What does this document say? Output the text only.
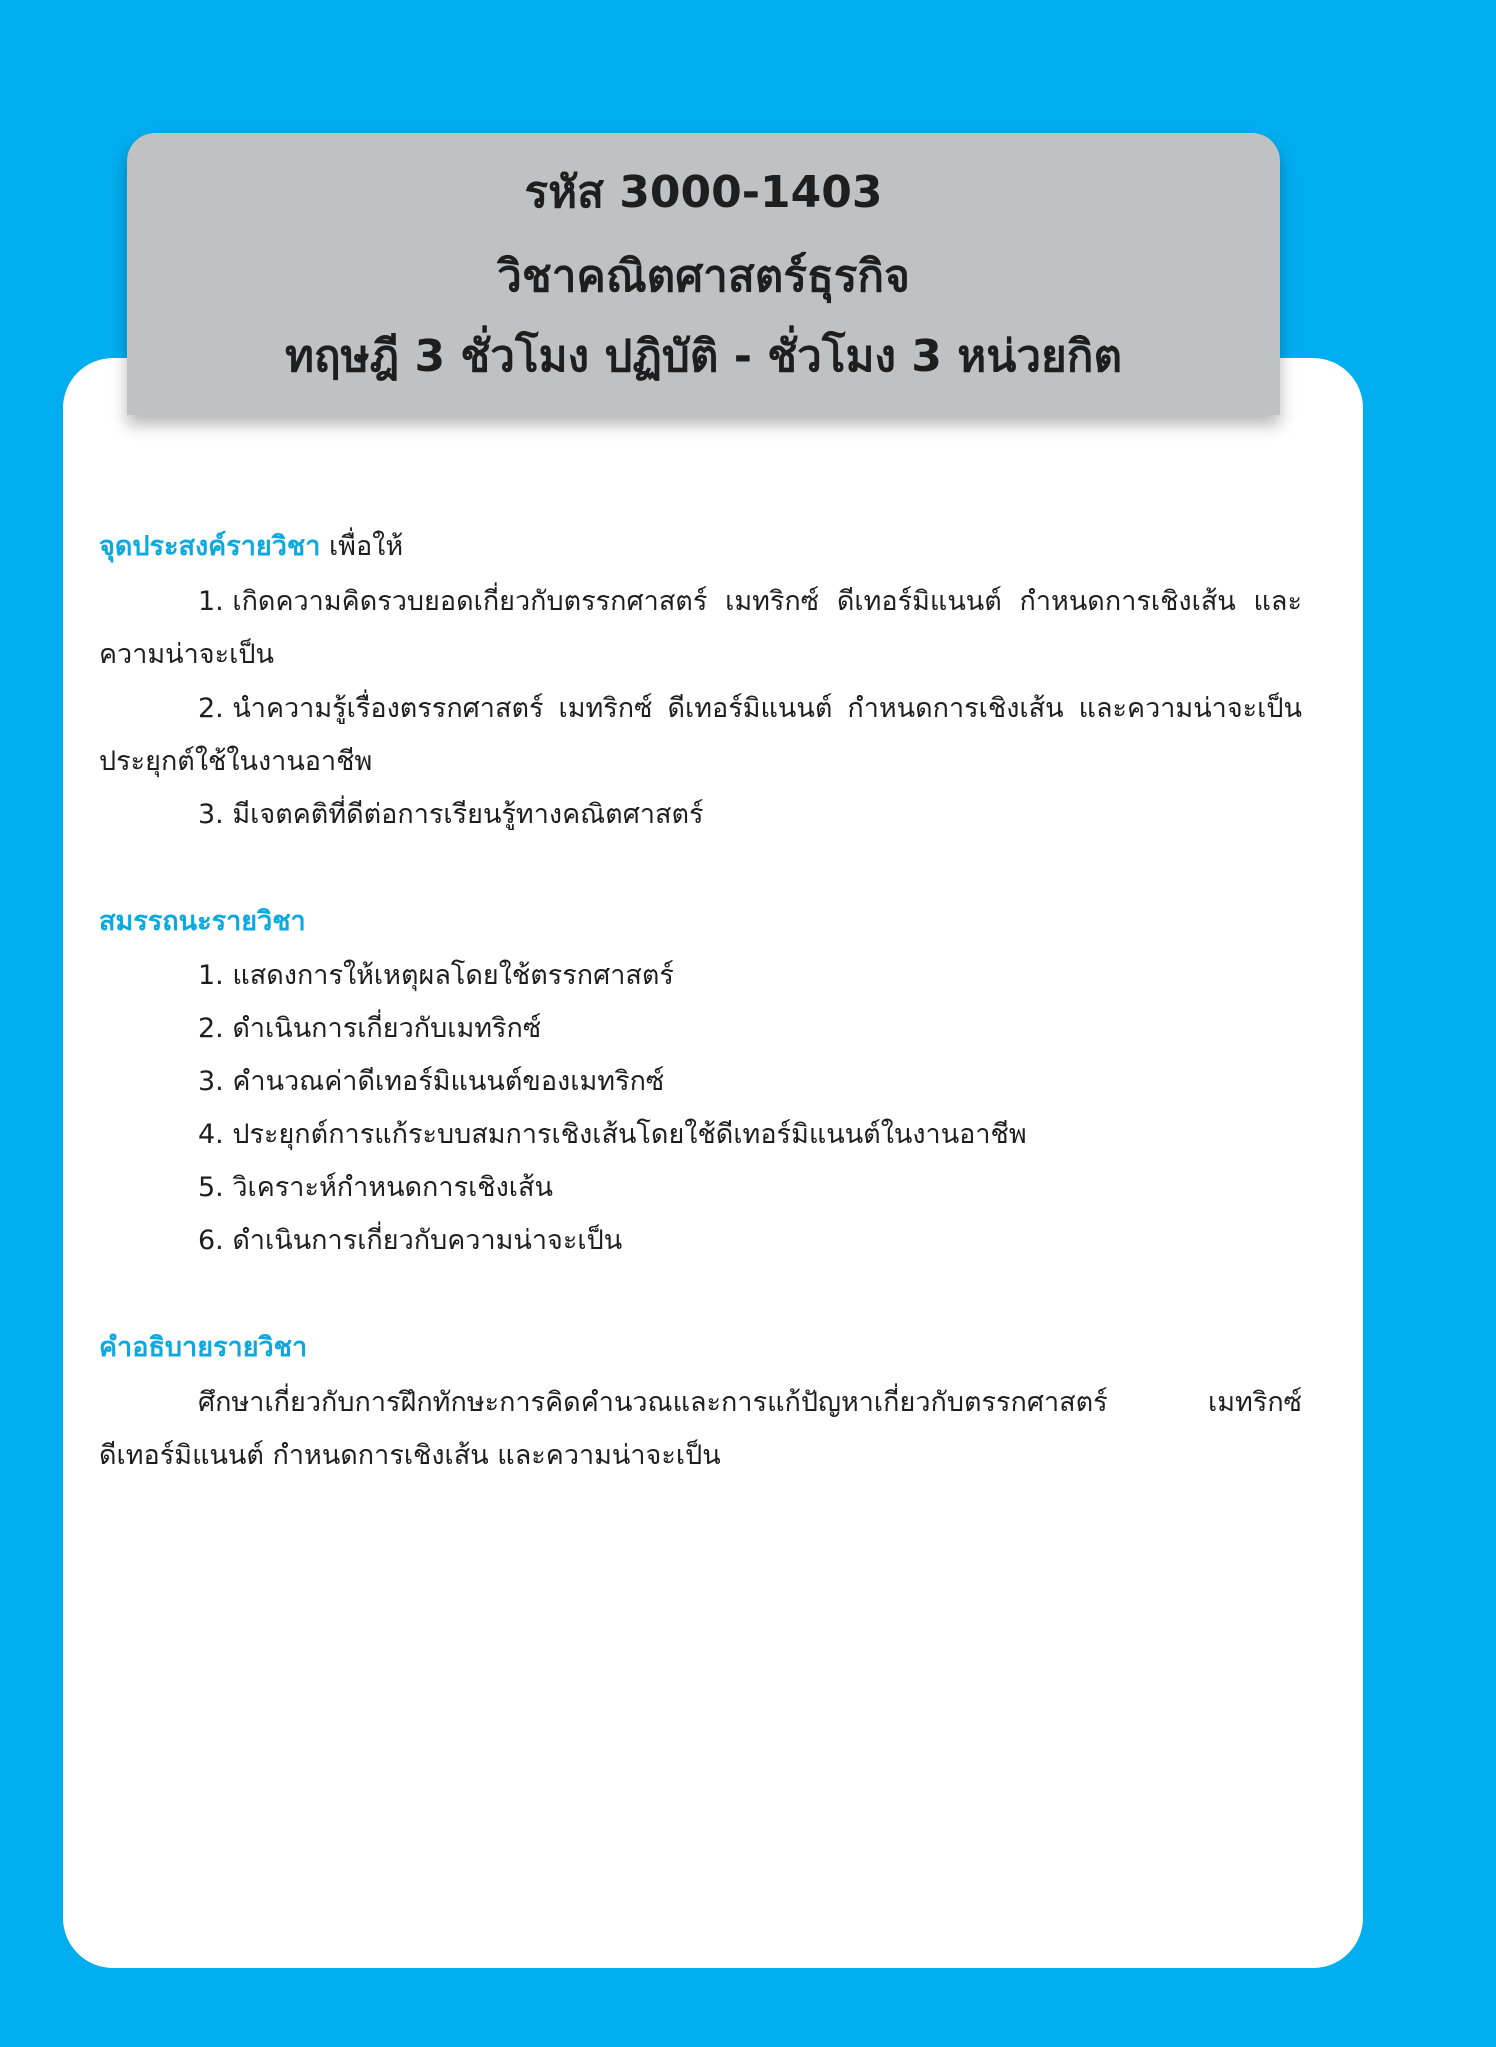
รหัส 3000-1403
วิชาคณิตศาสตร์ธุรกิจ
ทฤษฎี 3 ชั่วโมง ปฏิบัติ - ชั่วโมง 3 หน่วยกิต
จุดประสงค์รายวิชา เพื่อให้
1. เกิดความคิดรวบยอดเกี่ยวกับตรรกศาสตร์ เมทริกซ์ ดีเทอร์มิแนนต์ กำหนดการเชิงเส้น และ
ความน่าจะเป็น
2. นำความรู้เรื่องตรรกศาสตร์ เมทริกซ์ ดีเทอร์มิแนนต์ กำหนดการเชิงเส้น และความน่าจะเป็น
ประยุกต์ใช้ในงานอาชีพ
3. มีเจตคติที่ดีต่อการเรียนรู้ทางคณิตศาสตร์
สมรรถนะรายวิชา
1. แสดงการให้เหตุผลโดยใช้ตรรกศาสตร์
2. ดำเนินการเกี่ยวกับเมทริกซ์
3. คำนวณค่าดีเทอร์มิแนนต์ของเมทริกซ์
4. ประยุกต์การแก้ระบบสมการเชิงเส้นโดยใช้ดีเทอร์มิแนนต์ในงานอาชีพ
5. วิเคราะห์กำหนดการเชิงเส้น
6. ดำเนินการเกี่ยวกับความน่าจะเป็น
คำอธิบายรายวิชา
ศึกษาเกี่ยวกับการฝึกทักษะการคิดคำนวณและการแก้ปัญหาเกี่ยวกับตรรกศาสตร์	เมทริกซ์
ดีเทอร์มิแนนต์ กำหนดการเชิงเส้น และความน่าจะเป็น
